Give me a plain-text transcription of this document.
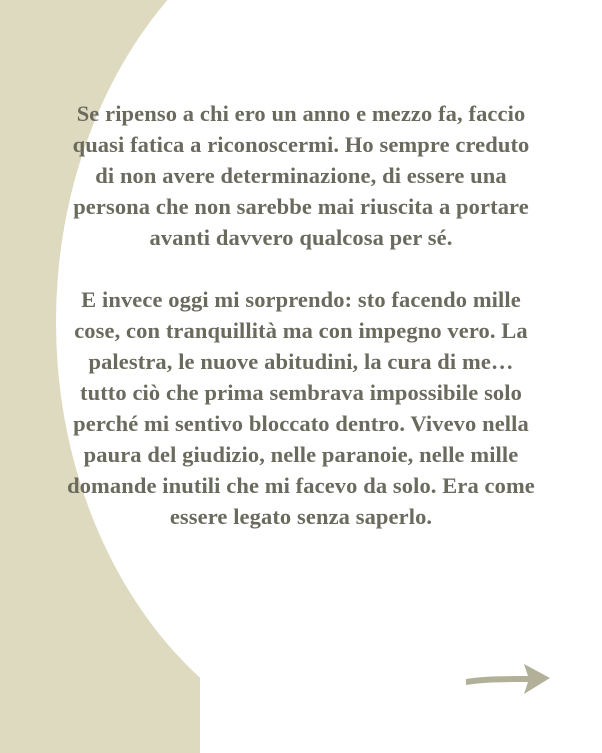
Se ripenso a chi ero un anno e mezzo fa, faccio quasi fatica a riconoscermi. Ho sempre creduto di non avere determinazione, di essere una persona che non sarebbe mai riuscita a portare avanti davvero qualcosa per sé.

E invece oggi mi sorprendo: sto facendo mille cose, con tranquillità ma con impegno vero. La palestra, le nuove abitudini, la cura di me… tutto ciò che prima sembrava impossibile solo perché mi sentivo bloccato dentro. Vivevo nella paura del giudizio, nelle paranoie, nelle mille domande inutili che mi facevo da solo. Era come essere legato senza saperlo.
